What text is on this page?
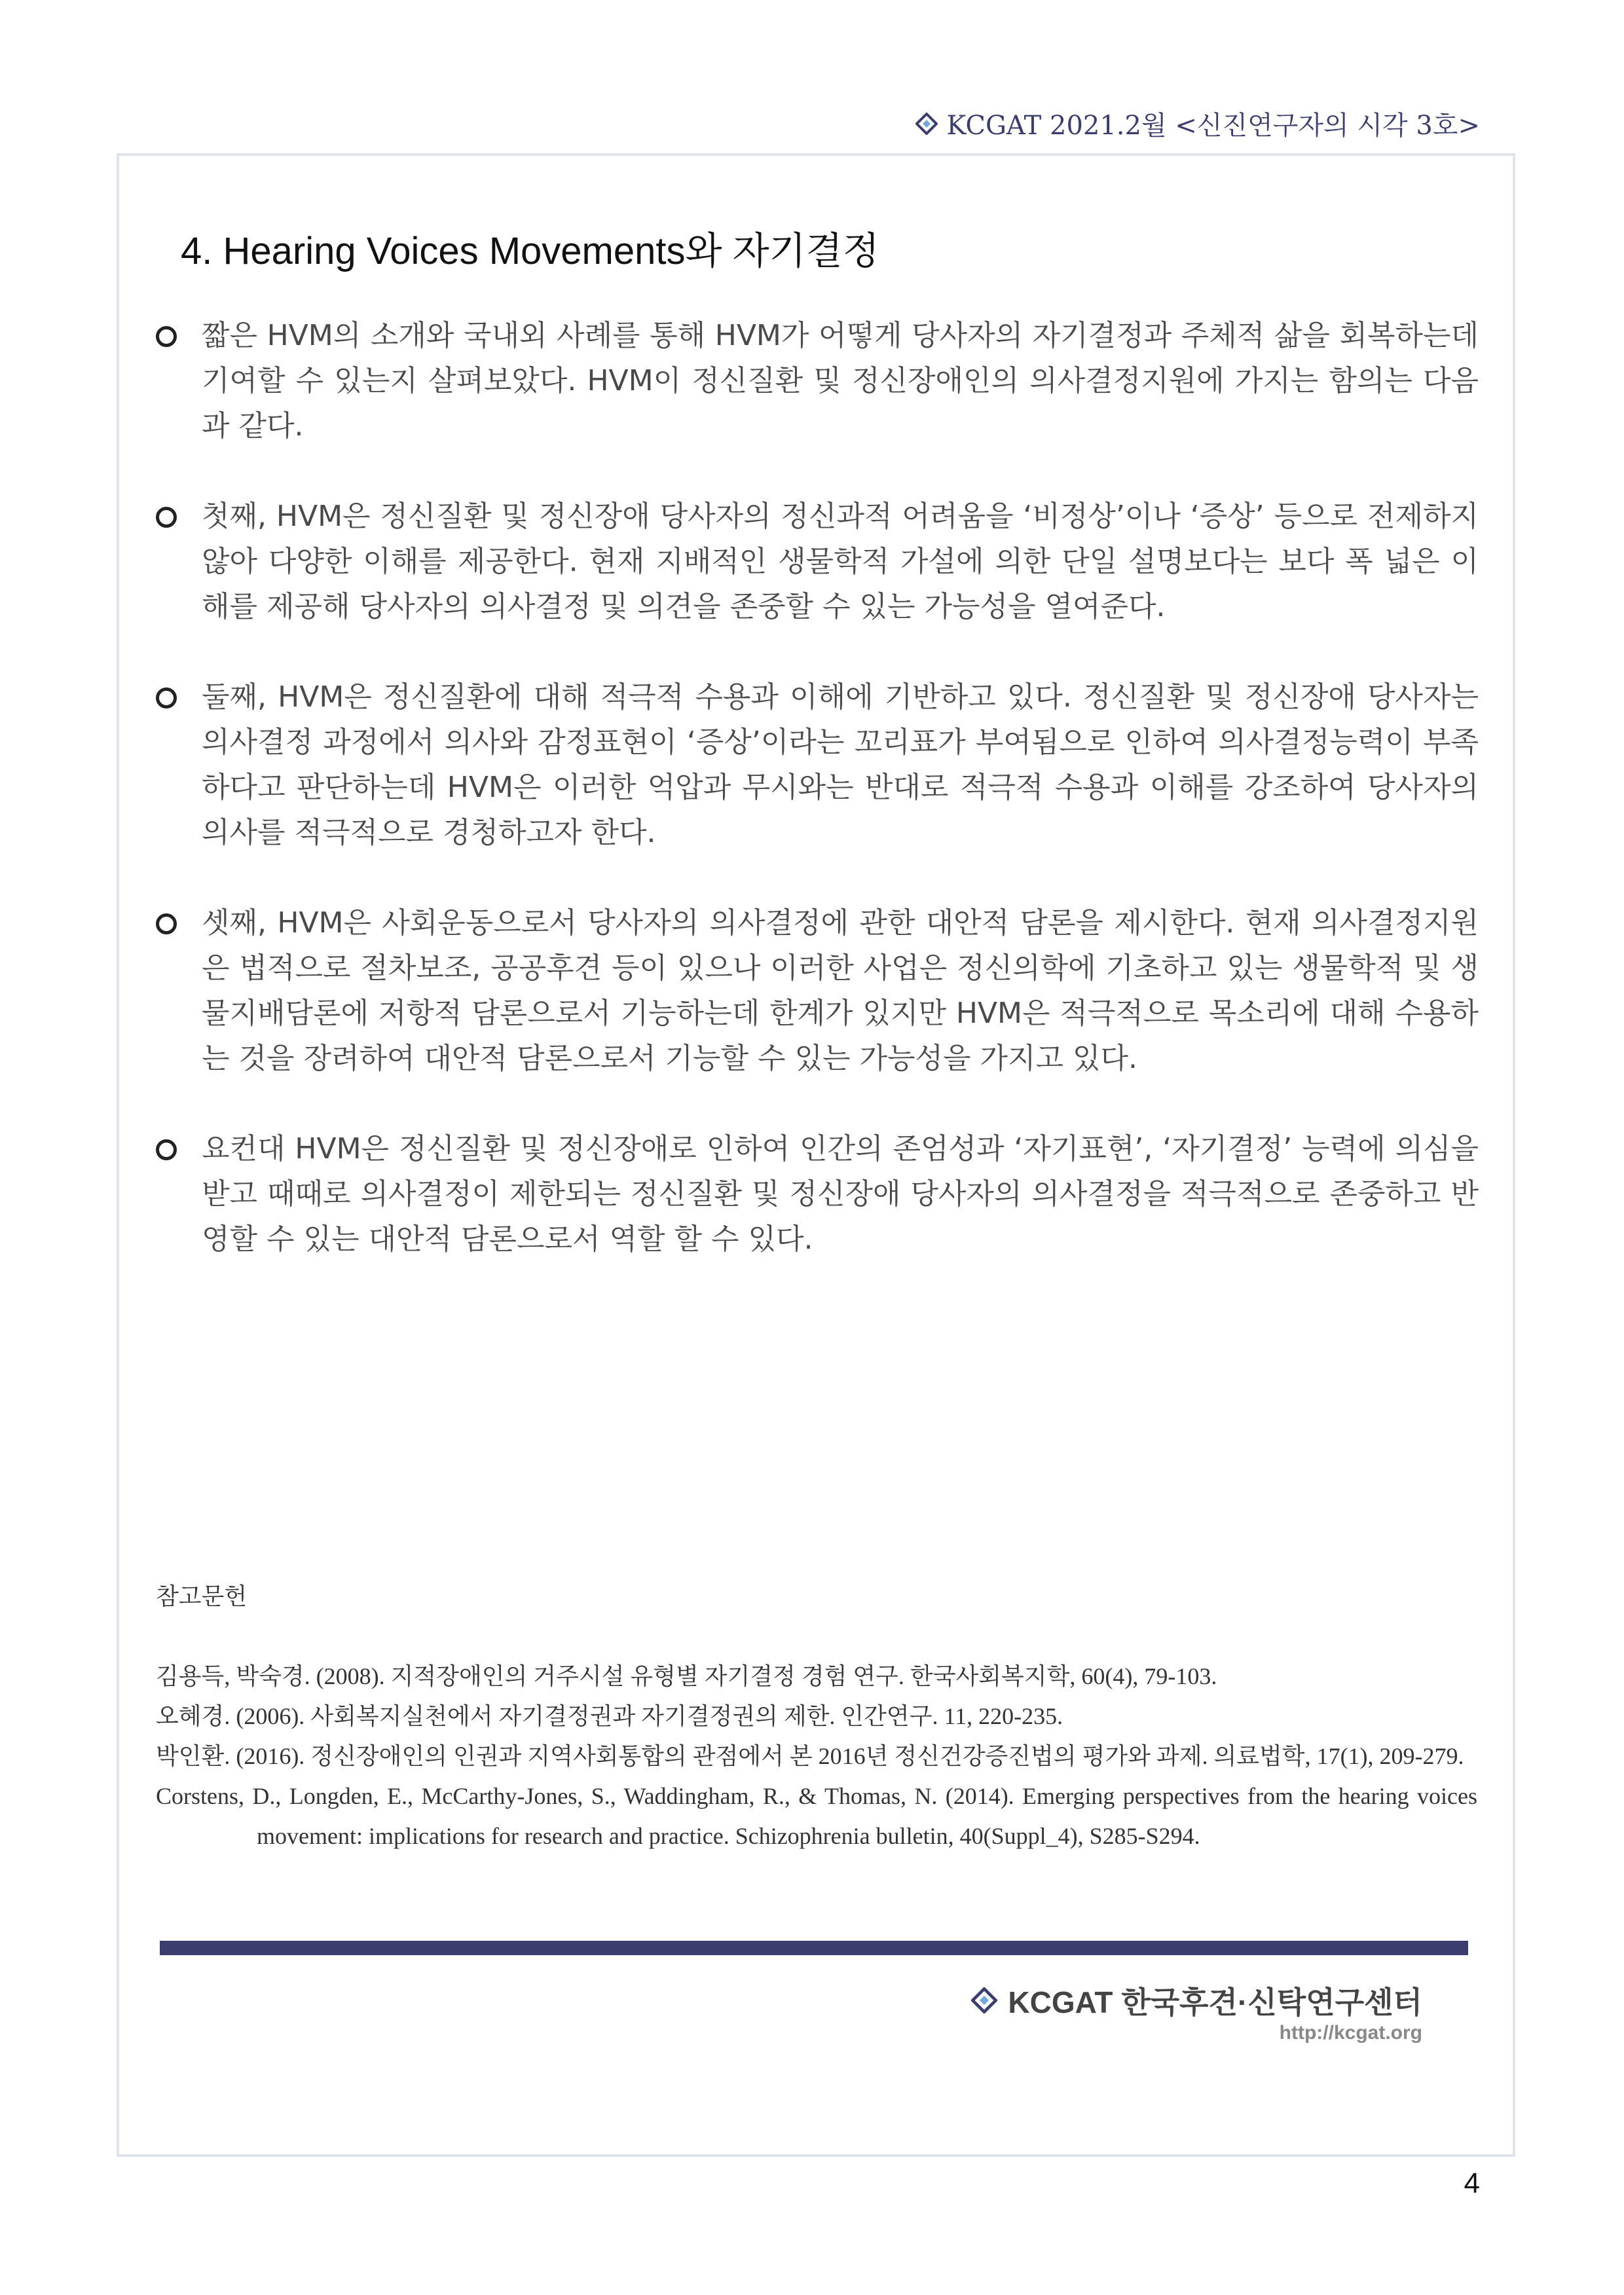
KCGAT 2021.2월 <신진연구자의 시각 3호>
4. Hearing Voices Movements와 자기결정
짧은 HVM의 소개와 국내외 사례를 통해 HVM가 어떻게 당사자의 자기결정과 주체적 삶을 회복하는데 기여할 수 있는지 살펴보았다. HVM이 정신질환 및 정신장애인의 의사결정지원에 가지는 함의는 다음과 같다.
첫째, HVM은 정신질환 및 정신장애 당사자의 정신과적 어려움을 ‘비정상’이나 ‘증상’ 등으로 전제하지 않아 다양한 이해를 제공한다. 현재 지배적인 생물학적 가설에 의한 단일 설명보다는 보다 폭 넓은 이해를 제공해 당사자의 의사결정 및 의견을 존중할 수 있는 가능성을 열여준다.
둘째, HVM은 정신질환에 대해 적극적 수용과 이해에 기반하고 있다. 정신질환 및 정신장애 당사자는 의사결정 과정에서 의사와 감정표현이 ‘증상’이라는 꼬리표가 부여됨으로 인하여 의사결정능력이 부족하다고 판단하는데 HVM은 이러한 억압과 무시와는 반대로 적극적 수용과 이해를 강조하여 당사자의 의사를 적극적으로 경청하고자 한다.
셋째, HVM은 사회운동으로서 당사자의 의사결정에 관한 대안적 담론을 제시한다. 현재 의사결정지원은 법적으로 절차보조, 공공후견 등이 있으나 이러한 사업은 정신의학에 기초하고 있는 생물학적 및 생물지배담론에 저항적 담론으로서 기능하는데 한계가 있지만 HVM은 적극적으로 목소리에 대해 수용하는 것을 장려하여 대안적 담론으로서 기능할 수 있는 가능성을 가지고 있다.
요컨대 HVM은 정신질환 및 정신장애로 인하여 인간의 존엄성과 ‘자기표현’, ‘자기결정’ 능력에 의심을 받고 때때로 의사결정이 제한되는 정신질환 및 정신장애 당사자의 의사결정을 적극적으로 존중하고 반영할 수 있는 대안적 담론으로서 역할 할 수 있다.
참고문헌
김용득, 박숙경. (2008). 지적장애인의 거주시설 유형별 자기결정 경험 연구. 한국사회복지학, 60(4), 79-103.
오혜경. (2006). 사회복지실천에서 자기결정권과 자기결정권의 제한. 인간연구. 11, 220-235.
박인환. (2016). 정신장애인의 인권과 지역사회통합의 관점에서 본 2016년 정신건강증진법의 평가와 과제. 의료법학, 17(1), 209-279.
Corstens, D., Longden, E., McCarthy-Jones, S., Waddingham, R., & Thomas, N. (2014). Emerging perspectives from the hearing voices movement: implications for research and practice. Schizophrenia bulletin, 40(Suppl_4), S285-S294.
KCGAT 한국후견·신탁연구센터
http://kcgat.org
4
